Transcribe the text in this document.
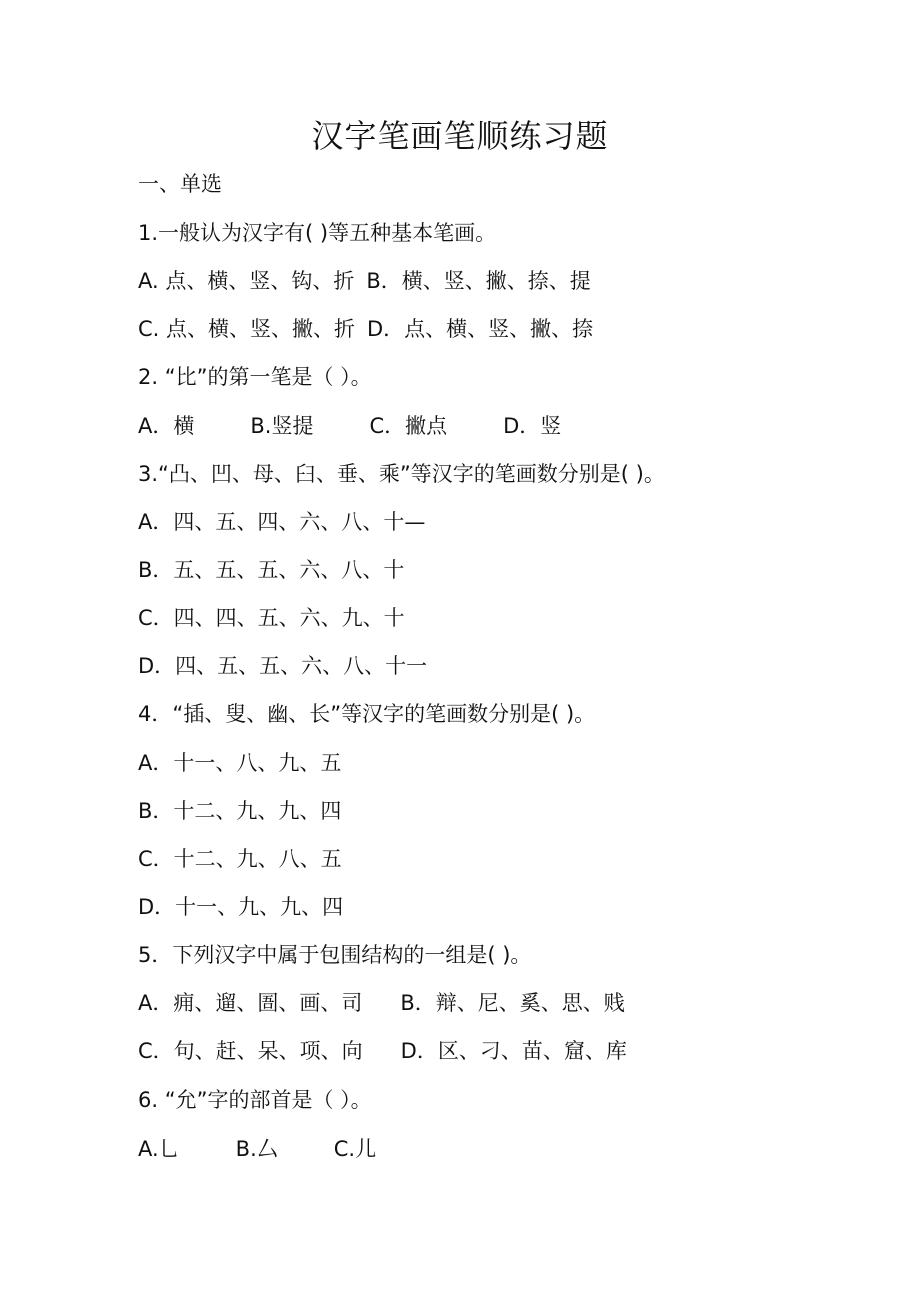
汉字笔画笔顺练习题
一、单选
1.一般认为汉字有( )等五种基本笔画。
A. 点、横、竖、钩、折 B．横、竖、撇、捺、提
C. 点、横、竖、撇、折 D．点、横、竖、撇、捺
2. “比”的第一笔是（ ）。
A．横	B.竖提	C．撇点	D．竖
3.“凸、凹、母、臼、垂、乘”等汉字的笔画数分别是( )。
A．四、五、四、六、八、十—
B．五、五、五、六、八、十
C．四、四、五、六、九、十
D．四、五、五、六、八、十一
4．“插、叟、幽、长”等汉字的笔画数分别是( )。
A．十一、八、九、五
B．十二、九、九、四
C．十二、九、八、五
D．十一、九、九、四
5．下列汉字中属于包围结构的一组是( )。
A．痈、遛、圄、画、司 B．辩、尼、奚、思、贱
C．句、赶、呆、项、向 D．区、刁、苗、窟、库
6. “允”字的部首是（ ）。
A.乚	B.厶	C.儿
